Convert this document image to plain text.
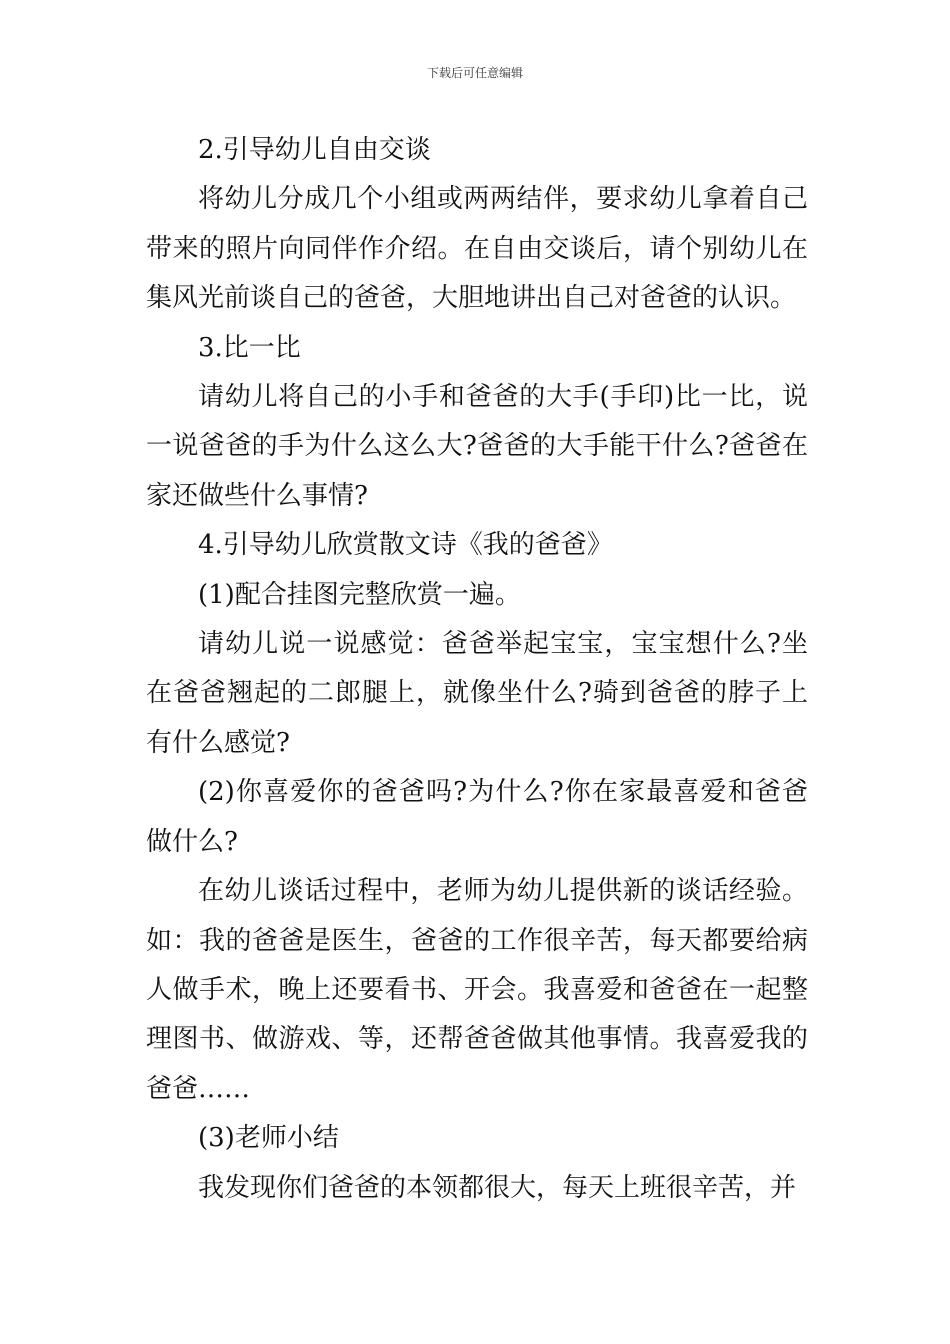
下载后可任意编辑

2.引导幼儿自由交谈

将幼儿分成几个小组或两两结伴，要求幼儿拿着自己带来的照片向同伴作介绍。在自由交谈后，请个别幼儿在集风光前谈自己的爸爸，大胆地讲出自己对爸爸的认识。

3.比一比

请幼儿将自己的小手和爸爸的大手(手印)比一比，说一说爸爸的手为什么这么大?爸爸的大手能干什么?爸爸在家还做些什么事情?

4.引导幼儿欣赏散文诗《我的爸爸》

(1)配合挂图完整欣赏一遍。

请幼儿说一说感觉：爸爸举起宝宝，宝宝想什么?坐在爸爸翘起的二郎腿上，就像坐什么?骑到爸爸的脖子上有什么感觉?

(2)你喜爱你的爸爸吗?为什么?你在家最喜爱和爸爸做什么?

在幼儿谈话过程中，老师为幼儿提供新的谈话经验。如：我的爸爸是医生，爸爸的工作很辛苦，每天都要给病人做手术，晚上还要看书、开会。我喜爱和爸爸在一起整理图书、做游戏、等，还帮爸爸做其他事情。我喜爱我的爸爸……

(3)老师小结

我发现你们爸爸的本领都很大，每天上班很辛苦，并
